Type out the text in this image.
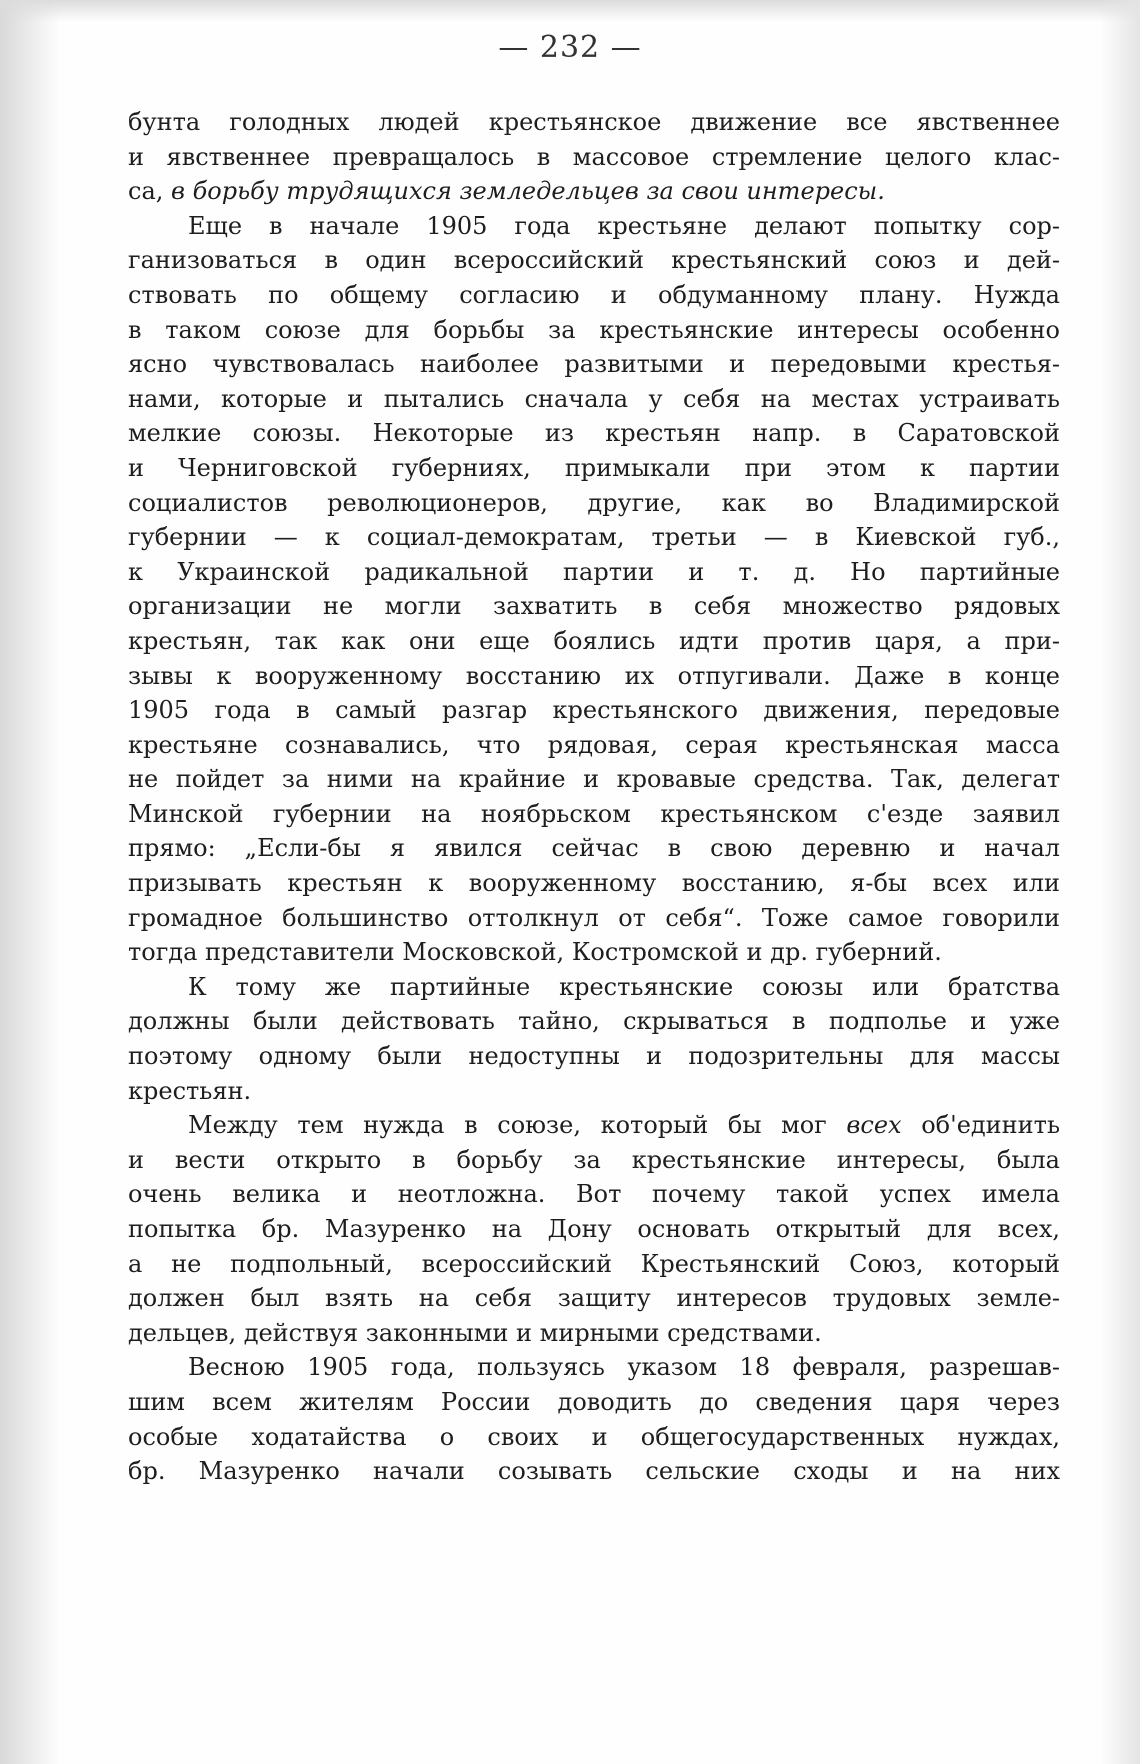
— 232 —

бунта голодных людей крестьянское движение все явственнее

и явственнее превращалось в массовое стремление целого клас-

са, в борьбу трудящихся земледельцев за свои интересы.

Еще в начале 1905 года крестьяне делают попытку сор-

ганизоваться в один всероссийский крестьянский союз и дей-

ствовать по общему согласию и обдуманному плану. Нужда

в таком союзе для борьбы за крестьянские интересы особенно

ясно чувствовалась наиболее развитыми и передовыми крестья-

нами, которые и пытались сначала у себя на местах устраивать

мелкие союзы. Некоторые из крестьян напр. в Саратовской

и Черниговской губерниях, примыкали при этом к партии

социалистов революционеров, другие, как во Владимирской

губернии — к социал-демократам, третьи — в Киевской губ.,

к Украинской радикальной партии и т. д. Но партийные

организации не могли захватить в себя множество рядовых

крестьян, так как они еще боялись идти против царя, а при-

зывы к вооруженному восстанию их отпугивали. Даже в конце

1905 года в самый разгар крестьянского движения, передовые

крестьяне сознавались, что рядовая, серая крестьянская масса

не пойдет за ними на крайние и кровавые средства. Так, делегат

Минской губернии на ноябрьском крестьянском с'езде заявил

прямо: „Если-бы я явился сейчас в свою деревню и начал

призывать крестьян к вооруженному восстанию, я-бы всех или

громадное большинство оттолкнул от себя“. Тоже самое говорили

тогда представители Московской, Костромской и др. губерний.

К тому же партийные крестьянские союзы или братства

должны были действовать тайно, скрываться в подполье и уже

поэтому одному были недоступны и подозрительны для массы

крестьян.

Между тем нужда в союзе, который бы мог всех об'единить

и вести открыто в борьбу за крестьянские интересы, была

очень велика и неотложна. Вот почему такой успех имела

попытка бр. Мазуренко на Дону основать открытый для всех,

а не подпольный, всероссийский Крестьянский Союз, который

должен был взять на себя защиту интересов трудовых земле-

дельцев, действуя законными и мирными средствами.

Весною 1905 года, пользуясь указом 18 февраля, разрешав-

шим всем жителям России доводить до сведения царя через

особые ходатайства о своих и общегосударственных нуждах,

бр. Мазуренко начали созывать сельские сходы и на них
